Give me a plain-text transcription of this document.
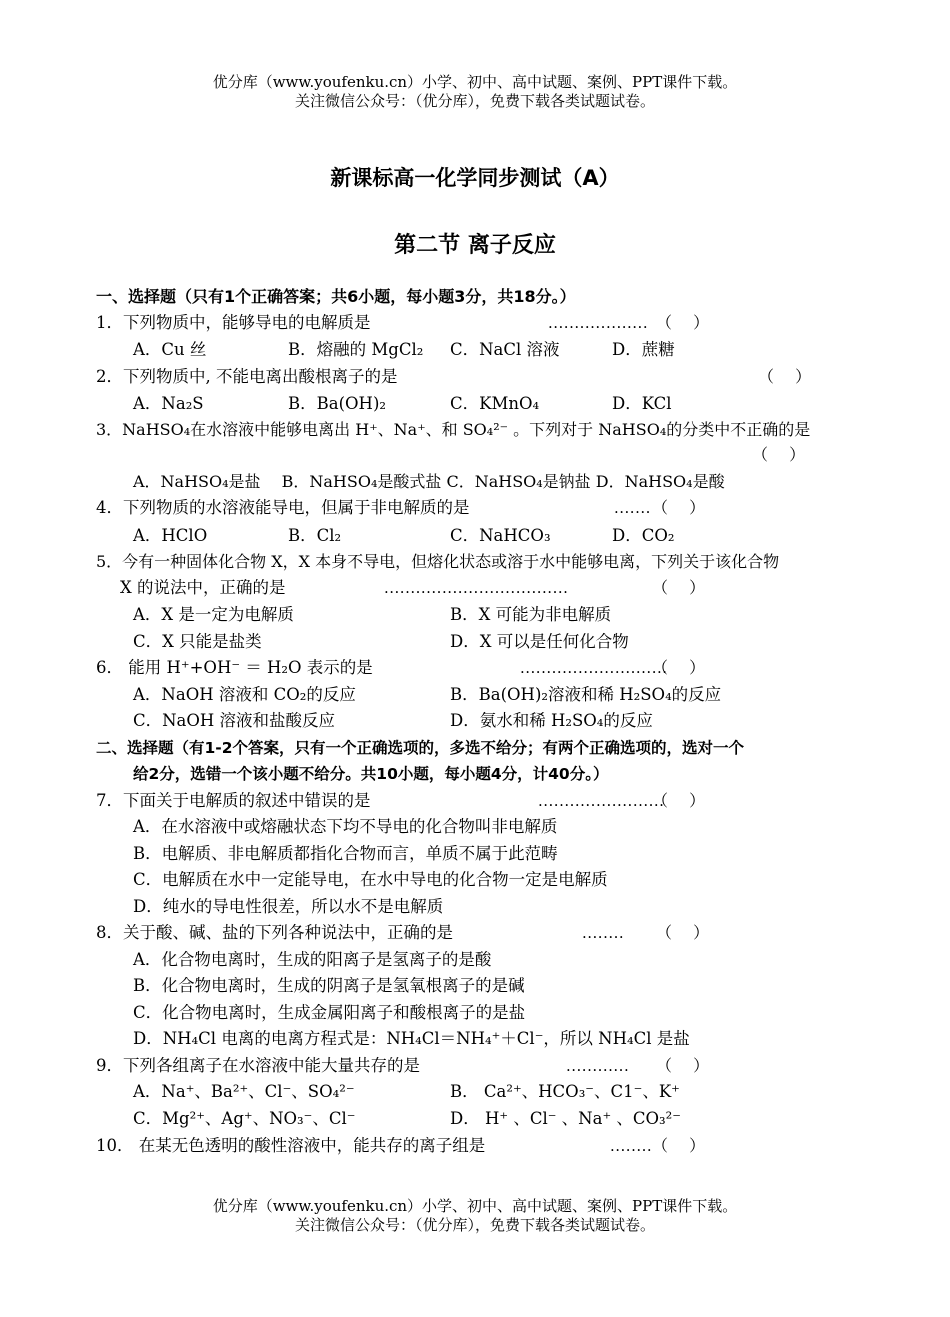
优分库（www.youfenku.cn）小学、初中、高中试题、案例、PPT课件下载。
关注微信公众号：（优分库），免费下载各类试题试卷。
新课标高一化学同步测试（A）
第二节 离子反应
一、选择题（只有1个正确答案；共6小题，每小题3分，共18分。）
1．下列物质中，能够导电的电解质是	................... （　 ）
A．Cu 丝	B．熔融的 MgCl₂ C．NaCl 溶液	D．蔗糖
2．下列物质中, 不能电离出酸根离子的是	（　 ）
A．Na₂S	B．Ba(OH)₂	C．KMnO₄	D．KCl
3．NaHSO₄在水溶液中能够电离出 H⁺、Na⁺、和 SO₄²⁻ 。下列对于 NaHSO₄的分类中不正确的是
（　 ）
A．NaHSO₄是盐　 B．NaHSO₄是酸式盐 C．NaHSO₄是钠盐 D．NaHSO₄是酸
4．下列物质的水溶液能导电，但属于非电解质的是	....... （　 ）
A．HClO	B．Cl₂	C．NaHCO₃	D．CO₂
5．今有一种固体化合物 X，X 本身不导电，但熔化状态或溶于水中能够电离，下列关于该化合物
X 的说法中，正确的是	...................................	（　 ）
A．X 是一定为电解质	B．X 可能为非电解质
C．X 只能是盐类	D．X 可以是任何化合物
6． 能用 H⁺+OH⁻ ＝ H₂O 表示的是	............................
（　 ）
A．NaOH 溶液和 CO₂的反应	B．Ba(OH)₂溶液和稀 H₂SO₄的反应
C．NaOH 溶液和盐酸反应	D．氨水和稀 H₂SO₄的反应
二、选择题（有1-2个答案，只有一个正确选项的，多选不给分；有两个正确选项的，选对一个
给2分，选错一个该小题不给分。共10小题，每小题4分，计40分。）
7．下面关于电解质的叙述中错误的是	........................
（　 ）
A．在水溶液中或熔融状态下均不导电的化合物叫非电解质
B．电解质、非电解质都指化合物而言，单质不属于此范畴
C．电解质在水中一定能导电，在水中导电的化合物一定是电解质
D．纯水的导电性很差，所以水不是电解质
8．关于酸、碱、盐的下列各种说法中，正确的是	........ （　 ）
A．化合物电离时，生成的阳离子是氢离子的是酸
B．化合物电离时，生成的阴离子是氢氧根离子的是碱
C．化合物电离时，生成金属阳离子和酸根离子的是盐
D．NH₄Cl 电离的电离方程式是：NH₄Cl＝NH₄⁺＋Cl⁻，所以 NH₄Cl 是盐
9．下列各组离子在水溶液中能大量共存的是	............ （　 ）
A．Na⁺、Ba²⁺、Cl⁻、SO₄²⁻	B． Ca²⁺、HCO₃⁻、C1⁻、K⁺
C．Mg²⁺、Ag⁺、NO₃⁻、Cl⁻	D． H⁺ 、Cl⁻ 、Na⁺ 、CO₃²⁻
10． 在某无色透明的酸性溶液中，能共存的离子组是	........ （　 ）
优分库（www.youfenku.cn）小学、初中、高中试题、案例、PPT课件下载。
关注微信公众号：（优分库），免费下载各类试题试卷。
